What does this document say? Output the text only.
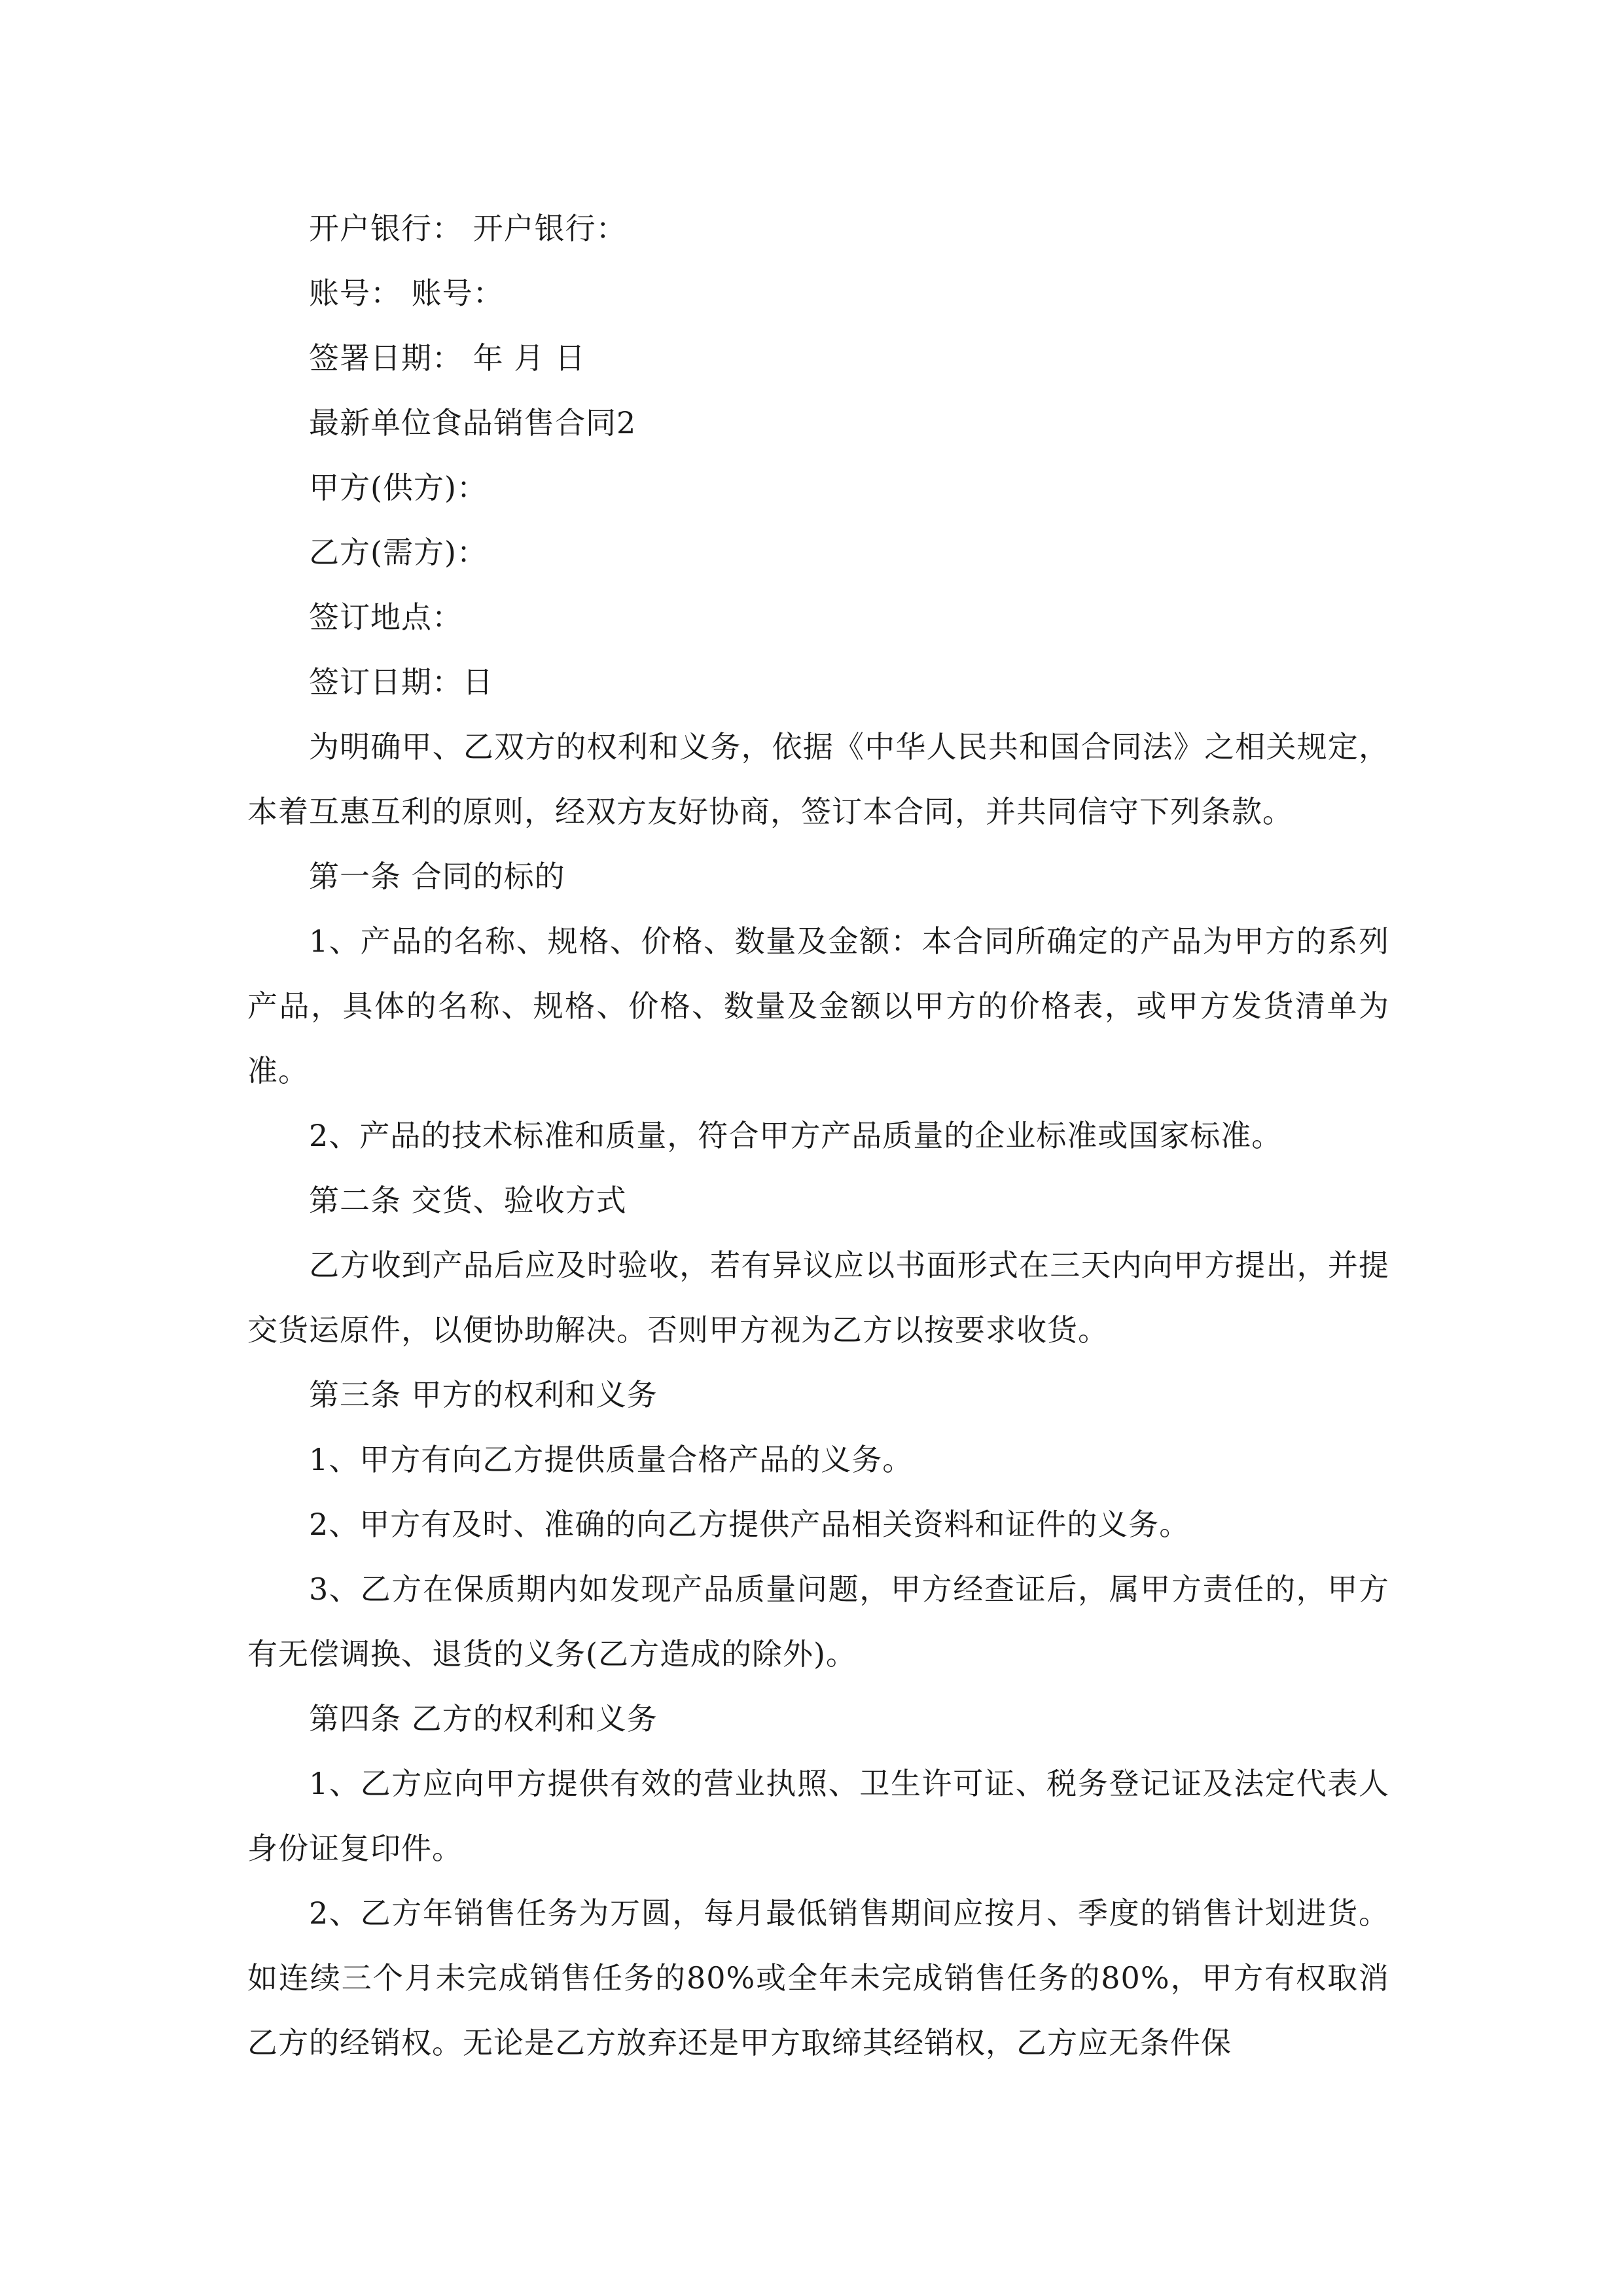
开户银行： 开户银行：

账号： 账号：

签署日期： 年 月 日

最新单位食品销售合同2

甲方(供方)：

乙方(需方)：

签订地点：

签订日期：日

为明确甲、乙双方的权利和义务，依据《中华人民共和国合同法》之相关规定，本着互惠互利的原则，经双方友好协商，签订本合同，并共同信守下列条款。

第一条 合同的标的

1、产品的名称、规格、价格、数量及金额：本合同所确定的产品为甲方的系列产品，具体的名称、规格、价格、数量及金额以甲方的价格表，或甲方发货清单为准。

2、产品的技术标准和质量，符合甲方产品质量的企业标准或国家标准。

第二条 交货、验收方式

乙方收到产品后应及时验收，若有异议应以书面形式在三天内向甲方提出，并提交货运原件，以便协助解决。否则甲方视为乙方以按要求收货。

第三条 甲方的权利和义务

1、甲方有向乙方提供质量合格产品的义务。

2、甲方有及时、准确的向乙方提供产品相关资料和证件的义务。

3、乙方在保质期内如发现产品质量问题，甲方经查证后，属甲方责任的，甲方有无偿调换、退货的义务(乙方造成的除外)。

第四条 乙方的权利和义务

1、乙方应向甲方提供有效的营业执照、卫生许可证、税务登记证及法定代表人身份证复印件。

2、乙方年销售任务为万圆，每月最低销售期间应按月、季度的销售计划进货。如连续三个月未完成销售任务的80%或全年未完成销售任务的80%，甲方有权取消乙方的经销权。无论是乙方放弃还是甲方取缔其经销权，乙方应无条件保
